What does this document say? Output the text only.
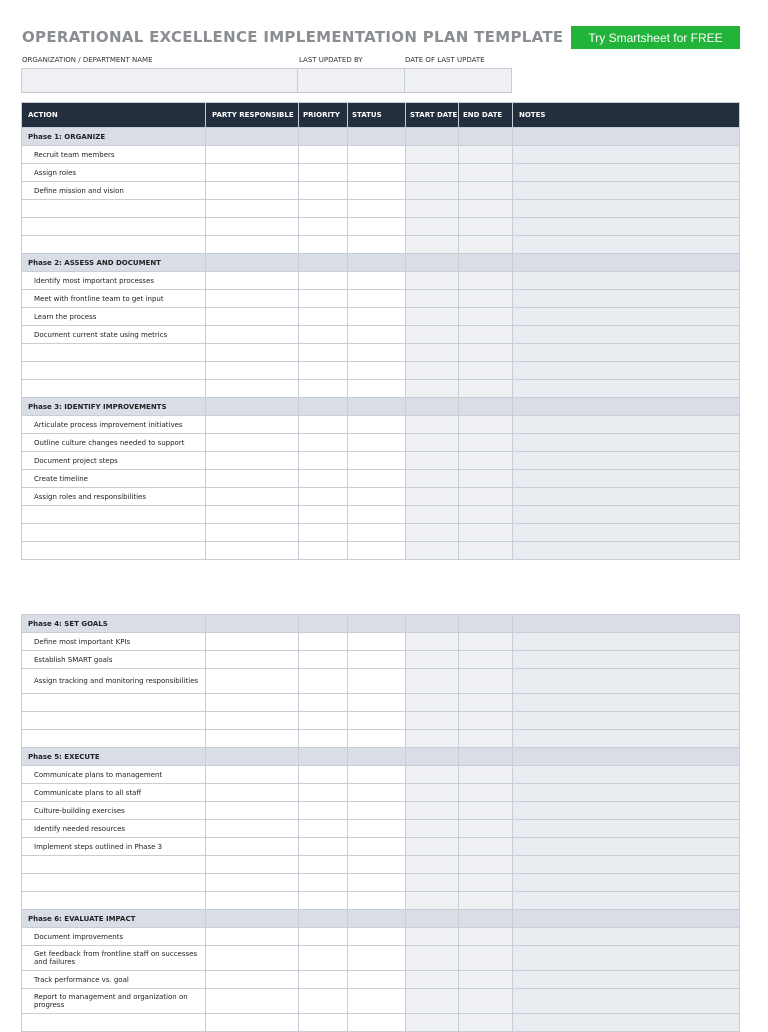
OPERATIONAL EXCELLENCE IMPLEMENTATION PLAN TEMPLATE	Try Smartsheet for FREE
ORGANIZATION / DEPARTMENT NAME	LAST UPDATED BY	DATE OF LAST UPDATE
ACTION	PARTY RESPONSIBLE	PRIORITY	STATUS	START DATE	END DATE	NOTES
Phase 1: ORGANIZE						
Recruit team members						
Assign roles						
Define mission and vision						

Phase 2: ASSESS AND DOCUMENT						
Identify most important processes						
Meet with frontline team to get input						
Learn the process						
Document current state using metrics						

Phase 3: IDENTIFY IMPROVEMENTS						
Articulate process improvement initiatives						
Outline culture changes needed to support						
Document project steps						
Create timeline						
Assign roles and responsibilities						

Phase 4: SET GOALS						
Define most important KPIs						
Establish SMART goals						
Assign tracking and monitoring responsibilities						

Phase 5: EXECUTE						
Communicate plans to management						
Communicate plans to all staff						
Culture-building exercises						
Identify needed resources						
Implement steps outlined in Phase 3						

Phase 6: EVALUATE IMPACT						
Document improvements						
Get feedback from frontline staff on successes and failures						
Track performance vs. goal						
Report to management and organization on progress						
